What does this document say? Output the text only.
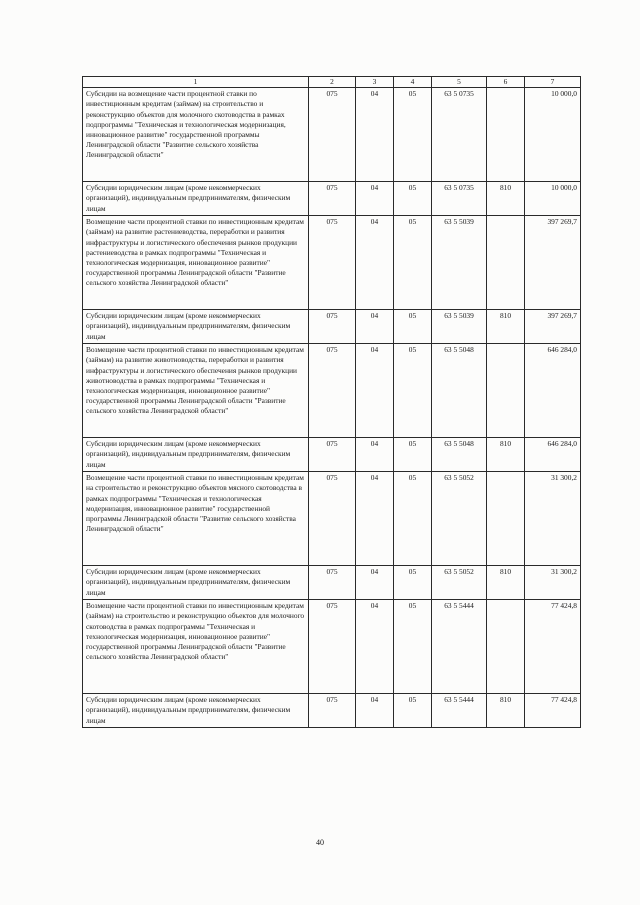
1	2	3	4	5	6	7
Субсидии на возмещение части процентной ставки по инвестиционным кредитам (займам) на строительство и реконструкцию объектов для молочного скотоводства в рамках подпрограммы "Техническая и технологическая модернизация, инновационное развитие" государственной программы Ленинградской области "Развитие сельского хозяйства Ленинградской области"	075	04	05	63 5 0735		10 000,0
Субсидии юридическим лицам (кроме некоммерческих организаций), индивидуальным предпринимателям, физическим лицам	075	04	05	63 5 0735	810	10 000,0
Возмещение части процентной ставки по инвестиционным кредитам (займам) на развитие растениеводства, переработки и развития инфраструктуры и логистического обеспечения рынков продукции растениеводства в рамках подпрограммы "Техническая и технологическая модернизация, инновационное развитие" государственной программы Ленинградской области "Развитие сельского хозяйства Ленинградской области"	075	04	05	63 5 5039		397 269,7
Субсидии юридическим лицам (кроме некоммерческих организаций), индивидуальным предпринимателям, физическим лицам	075	04	05	63 5 5039	810	397 269,7
Возмещение части процентной ставки по инвестиционным кредитам (займам) на развитие животноводства, переработки и развития инфраструктуры и логистического обеспечения рынков продукции животноводства в рамках подпрограммы "Техническая и технологическая модернизация, инновационное развитие" государственной программы Ленинградской области "Развитие сельского хозяйства Ленинградской области"	075	04	05	63 5 5048		646 284,0
Субсидии юридическим лицам (кроме некоммерческих организаций), индивидуальным предпринимателям, физическим лицам	075	04	05	63 5 5048	810	646 284,0
Возмещение части процентной ставки по инвестиционным кредитам на строительство и реконструкцию объектов мясного скотоводства в рамках подпрограммы "Техническая и технологическая модернизация, инновационное развитие" государственной программы Ленинградской области "Развитие сельского хозяйства Ленинградской области"	075	04	05	63 5 5052		31 300,2
Субсидии юридическим лицам (кроме некоммерческих организаций), индивидуальным предпринимателям, физическим лицам	075	04	05	63 5 5052	810	31 300,2
Возмещение части процентной ставки по инвестиционным кредитам (займам) на строительство и реконструкцию объектов для молочного скотоводства в рамках подпрограммы "Техническая и технологическая модернизация, инновационное развитие" государственной программы Ленинградской области "Развитие сельского хозяйства Ленинградской области"	075	04	05	63 5 5444		77 424,8
Субсидии юридическим лицам (кроме некоммерческих организаций), индивидуальным предпринимателям, физическим лицам	075	04	05	63 5 5444	810	77 424,8
40
